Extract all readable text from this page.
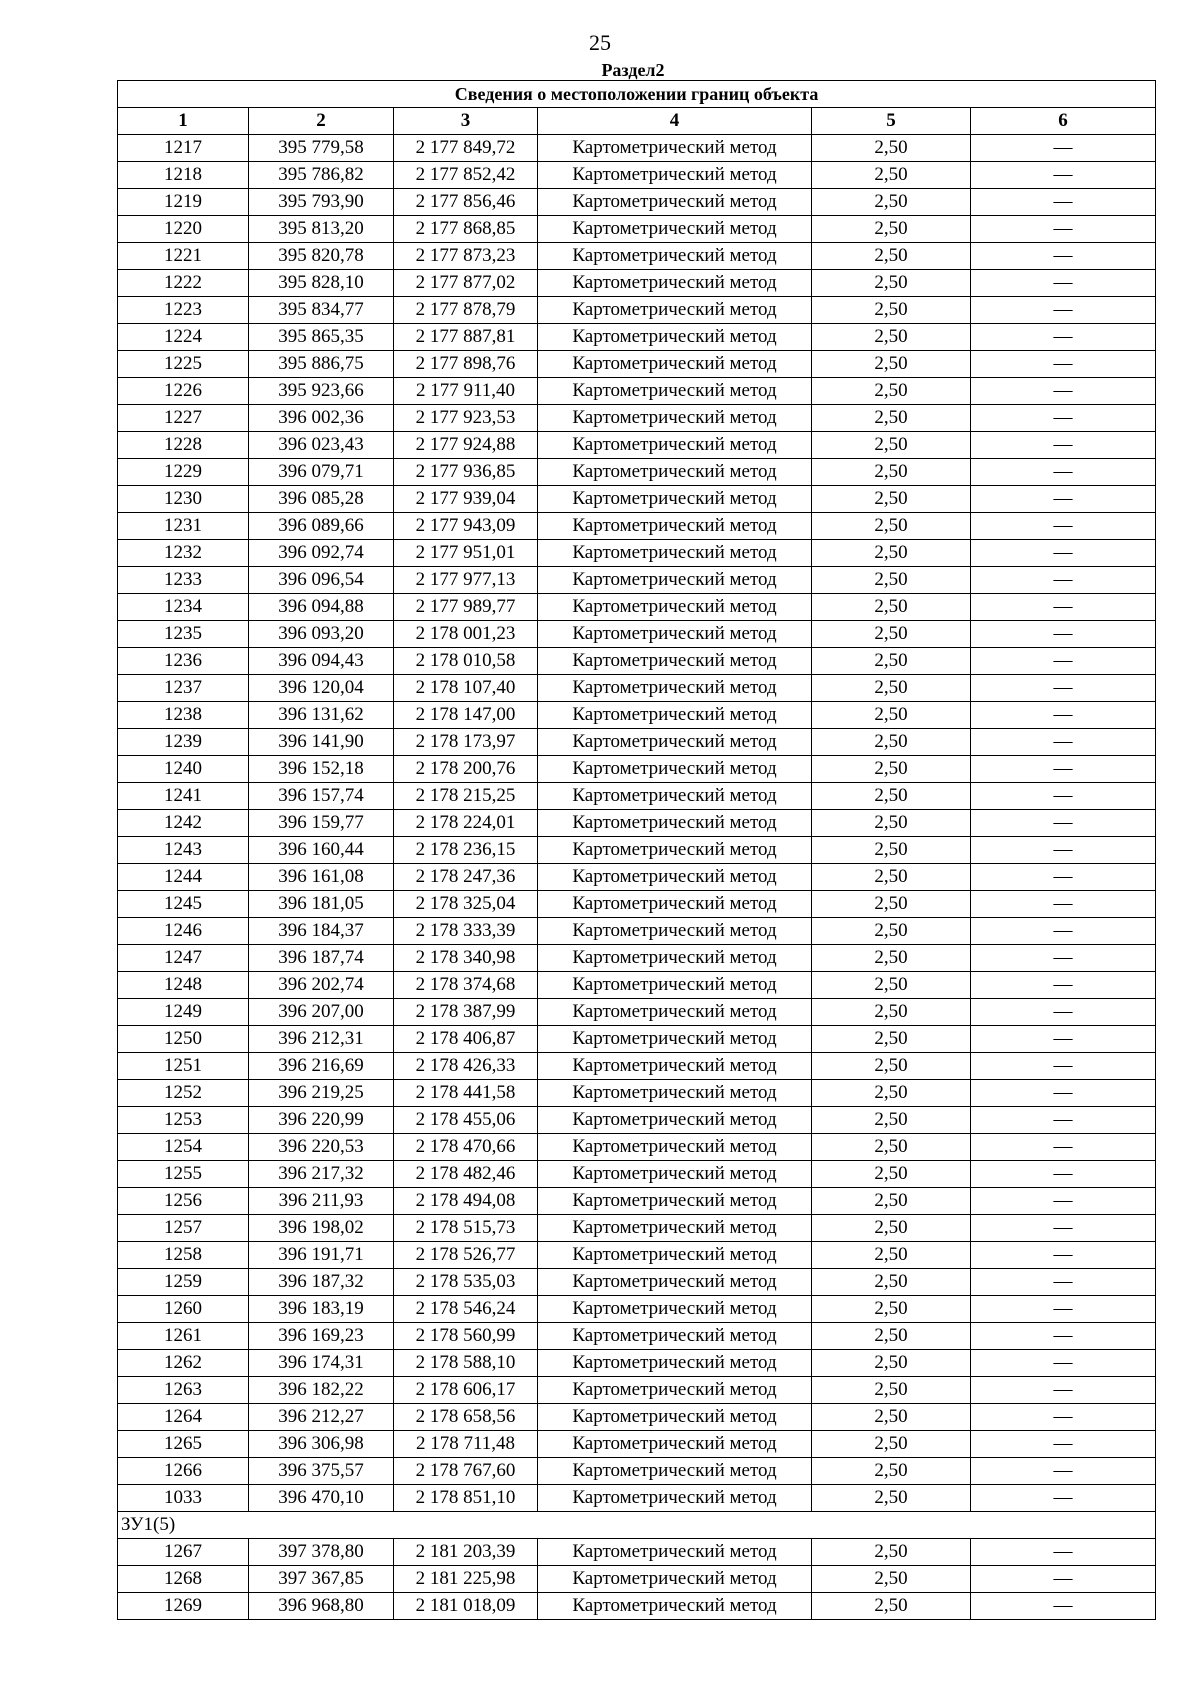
25
Раздел2
Сведения о местоположении границ объекта					
1	2	3	4	5	6
1217	395 779,58	2 177 849,72	Картометрический метод	2,50	—
1218	395 786,82	2 177 852,42	Картометрический метод	2,50	—
1219	395 793,90	2 177 856,46	Картометрический метод	2,50	—
1220	395 813,20	2 177 868,85	Картометрический метод	2,50	—
1221	395 820,78	2 177 873,23	Картометрический метод	2,50	—
1222	395 828,10	2 177 877,02	Картометрический метод	2,50	—
1223	395 834,77	2 177 878,79	Картометрический метод	2,50	—
1224	395 865,35	2 177 887,81	Картометрический метод	2,50	—
1225	395 886,75	2 177 898,76	Картометрический метод	2,50	—
1226	395 923,66	2 177 911,40	Картометрический метод	2,50	—
1227	396 002,36	2 177 923,53	Картометрический метод	2,50	—
1228	396 023,43	2 177 924,88	Картометрический метод	2,50	—
1229	396 079,71	2 177 936,85	Картометрический метод	2,50	—
1230	396 085,28	2 177 939,04	Картометрический метод	2,50	—
1231	396 089,66	2 177 943,09	Картометрический метод	2,50	—
1232	396 092,74	2 177 951,01	Картометрический метод	2,50	—
1233	396 096,54	2 177 977,13	Картометрический метод	2,50	—
1234	396 094,88	2 177 989,77	Картометрический метод	2,50	—
1235	396 093,20	2 178 001,23	Картометрический метод	2,50	—
1236	396 094,43	2 178 010,58	Картометрический метод	2,50	—
1237	396 120,04	2 178 107,40	Картометрический метод	2,50	—
1238	396 131,62	2 178 147,00	Картометрический метод	2,50	—
1239	396 141,90	2 178 173,97	Картометрический метод	2,50	—
1240	396 152,18	2 178 200,76	Картометрический метод	2,50	—
1241	396 157,74	2 178 215,25	Картометрический метод	2,50	—
1242	396 159,77	2 178 224,01	Картометрический метод	2,50	—
1243	396 160,44	2 178 236,15	Картометрический метод	2,50	—
1244	396 161,08	2 178 247,36	Картометрический метод	2,50	—
1245	396 181,05	2 178 325,04	Картометрический метод	2,50	—
1246	396 184,37	2 178 333,39	Картометрический метод	2,50	—
1247	396 187,74	2 178 340,98	Картометрический метод	2,50	—
1248	396 202,74	2 178 374,68	Картометрический метод	2,50	—
1249	396 207,00	2 178 387,99	Картометрический метод	2,50	—
1250	396 212,31	2 178 406,87	Картометрический метод	2,50	—
1251	396 216,69	2 178 426,33	Картометрический метод	2,50	—
1252	396 219,25	2 178 441,58	Картометрический метод	2,50	—
1253	396 220,99	2 178 455,06	Картометрический метод	2,50	—
1254	396 220,53	2 178 470,66	Картометрический метод	2,50	—
1255	396 217,32	2 178 482,46	Картометрический метод	2,50	—
1256	396 211,93	2 178 494,08	Картометрический метод	2,50	—
1257	396 198,02	2 178 515,73	Картометрический метод	2,50	—
1258	396 191,71	2 178 526,77	Картометрический метод	2,50	—
1259	396 187,32	2 178 535,03	Картометрический метод	2,50	—
1260	396 183,19	2 178 546,24	Картометрический метод	2,50	—
1261	396 169,23	2 178 560,99	Картометрический метод	2,50	—
1262	396 174,31	2 178 588,10	Картометрический метод	2,50	—
1263	396 182,22	2 178 606,17	Картометрический метод	2,50	—
1264	396 212,27	2 178 658,56	Картометрический метод	2,50	—
1265	396 306,98	2 178 711,48	Картометрический метод	2,50	—
1266	396 375,57	2 178 767,60	Картометрический метод	2,50	—
1033	396 470,10	2 178 851,10	Картометрический метод	2,50	—
ЗУ1(5)					
1267	397 378,80	2 181 203,39	Картометрический метод	2,50	—
1268	397 367,85	2 181 225,98	Картометрический метод	2,50	—
1269	396 968,80	2 181 018,09	Картометрический метод	2,50	—
